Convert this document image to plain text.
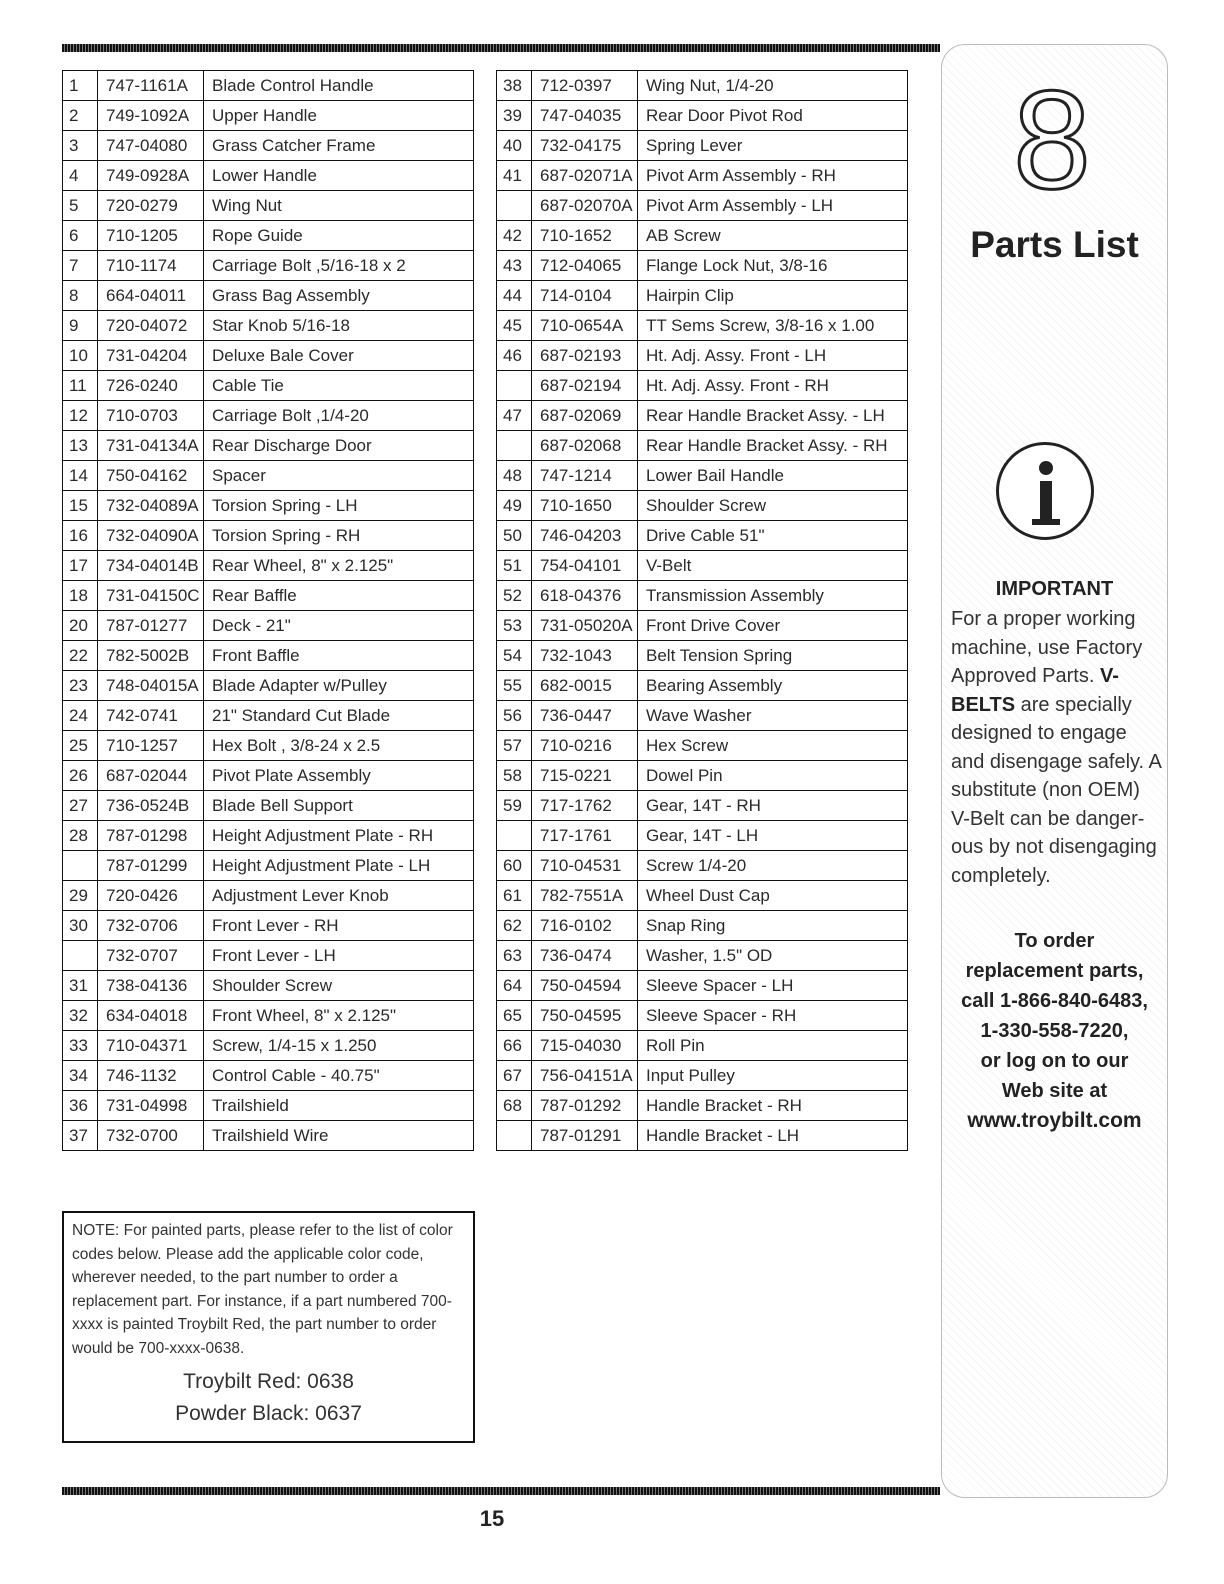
1	747-1161A	Blade Control Handle
2	749-1092A	Upper Handle
3	747-04080	Grass Catcher Frame
4	749-0928A	Lower Handle
5	720-0279	Wing Nut
6	710-1205	Rope Guide
7	710-1174	Carriage Bolt ,5/16-18 x 2
8	664-04011	Grass Bag Assembly
9	720-04072	Star Knob 5/16-18
10	731-04204	Deluxe Bale Cover
11	726-0240	Cable Tie
12	710-0703	Carriage Bolt ,1/4-20
13	731-04134A	Rear Discharge Door
14	750-04162	Spacer
15	732-04089A	Torsion Spring - LH
16	732-04090A	Torsion Spring - RH
17	734-04014B	Rear Wheel, 8" x 2.125"
18	731-04150C	Rear Baffle
20	787-01277	Deck - 21"
22	782-5002B	Front Baffle
23	748-04015A	Blade Adapter w/Pulley
24	742-0741	21" Standard Cut Blade
25	710-1257	Hex Bolt , 3/8-24 x 2.5
26	687-02044	Pivot Plate Assembly
27	736-0524B	Blade Bell Support
28	787-01298	Height Adjustment Plate - RH
	787-01299	Height Adjustment Plate - LH
29	720-0426	Adjustment Lever Knob
30	732-0706	Front Lever - RH
	732-0707	Front Lever - LH
31	738-04136	Shoulder Screw
32	634-04018	Front Wheel, 8" x 2.125"
33	710-04371	Screw, 1/4-15 x 1.250
34	746-1132	Control Cable - 40.75"
36	731-04998	Trailshield
37	732-0700	Trailshield Wire
38	712-0397	Wing Nut, 1/4-20
39	747-04035	Rear Door Pivot Rod
40	732-04175	Spring Lever
41	687-02071A	Pivot Arm Assembly - RH
	687-02070A	Pivot Arm Assembly - LH
42	710-1652	AB Screw
43	712-04065	Flange Lock Nut, 3/8-16
44	714-0104	Hairpin Clip
45	710-0654A	TT Sems Screw, 3/8-16 x 1.00
46	687-02193	Ht. Adj. Assy. Front - LH
	687-02194	Ht. Adj. Assy. Front - RH
47	687-02069	Rear Handle Bracket Assy. - LH
	687-02068	Rear Handle Bracket Assy. - RH
48	747-1214	Lower Bail Handle
49	710-1650	Shoulder Screw
50	746-04203	Drive Cable 51"
51	754-04101	V-Belt
52	618-04376	Transmission Assembly
53	731-05020A	Front Drive Cover
54	732-1043	Belt Tension Spring
55	682-0015	Bearing Assembly
56	736-0447	Wave Washer
57	710-0216	Hex Screw
58	715-0221	Dowel Pin
59	717-1762	Gear, 14T - RH
	717-1761	Gear, 14T - LH
60	710-04531	Screw 1/4-20
61	782-7551A	Wheel Dust Cap
62	716-0102	Snap Ring
63	736-0474	Washer, 1.5" OD
64	750-04594	Sleeve Spacer - LH
65	750-04595	Sleeve Spacer - RH
66	715-04030	Roll Pin
67	756-04151A	Input Pulley
68	787-01292	Handle Bracket - RH
	787-01291	Handle Bracket - LH

NOTE: For painted parts, please refer to the list of color codes below. Please add the applicable color code, wherever needed, to the part number to order a replacement part. For instance, if a part numbered 700-xxxx is painted Troybilt Red, the part number to order would be 700-xxxx-0638.

Troybilt Red: 0638
Powder Black: 0637
8
Parts List
IMPORTANT
For a proper working machine, use Factory Approved Parts. V-BELTS are specially designed to engage and disengage safely. A substitute (non OEM) V-Belt can be danger-ous by not disengaging completely.
To order
replacement parts,
call 1-866-840-6483,
1-330-558-7220,
or log on to our
Web site at
www.troybilt.com
15
